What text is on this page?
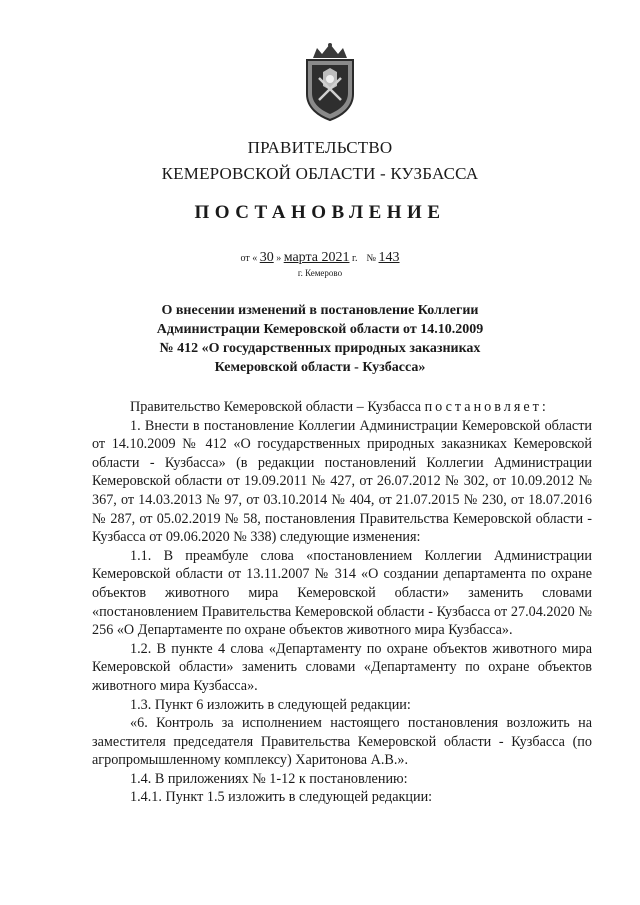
ПРАВИТЕЛЬСТВО
КЕМЕРОВСКОЙ ОБЛАСТИ - КУЗБАССА
ПОСТАНОВЛЕНИЕ
от « 30 » марта 2021 г. № 143
г. Кемерово
О внесении изменений в постановление Коллегии
Администрации Кемеровской области от 14.10.2009
№ 412 «О государственных природных заказниках
Кемеровской области - Кузбасса»

Правительство Кемеровской области – Кузбасса постановляет:

1. Внести в постановление Коллегии Администрации Кемеровской области от 14.10.2009 № 412 «О государственных природных заказниках Кемеровской области - Кузбасса» (в редакции постановлений Коллегии Администрации Кемеровской области от 19.09.2011 № 427, от 26.07.2012 № 302, от 10.09.2012 № 367, от 14.03.2013 № 97, от 03.10.2014 № 404, от 21.07.2015 № 230, от 18.07.2016 № 287, от 05.02.2019 № 58, постановления Правительства Кемеровской области - Кузбасса от 09.06.2020 № 338) следующие изменения:

1.1. В преамбуле слова «постановлением Коллегии Администрации Кемеровской области от 13.11.2007 № 314 «О создании департамента по охране объектов животного мира Кемеровской области» заменить словами «постановлением Правительства Кемеровской области - Кузбасса от 27.04.2020 № 256 «О Департаменте по охране объектов животного мира Кузбасса».

1.2. В пункте 4 слова «Департаменту по охране объектов животного мира Кемеровской области» заменить словами «Департаменту по охране объектов животного мира Кузбасса».

1.3. Пункт 6 изложить в следующей редакции:

«6. Контроль за исполнением настоящего постановления возложить на заместителя председателя Правительства Кемеровской области - Кузбасса (по агропромышленному комплексу) Харитонова А.В.».

1.4. В приложениях № 1-12 к постановлению:

1.4.1. Пункт 1.5 изложить в следующей редакции:
